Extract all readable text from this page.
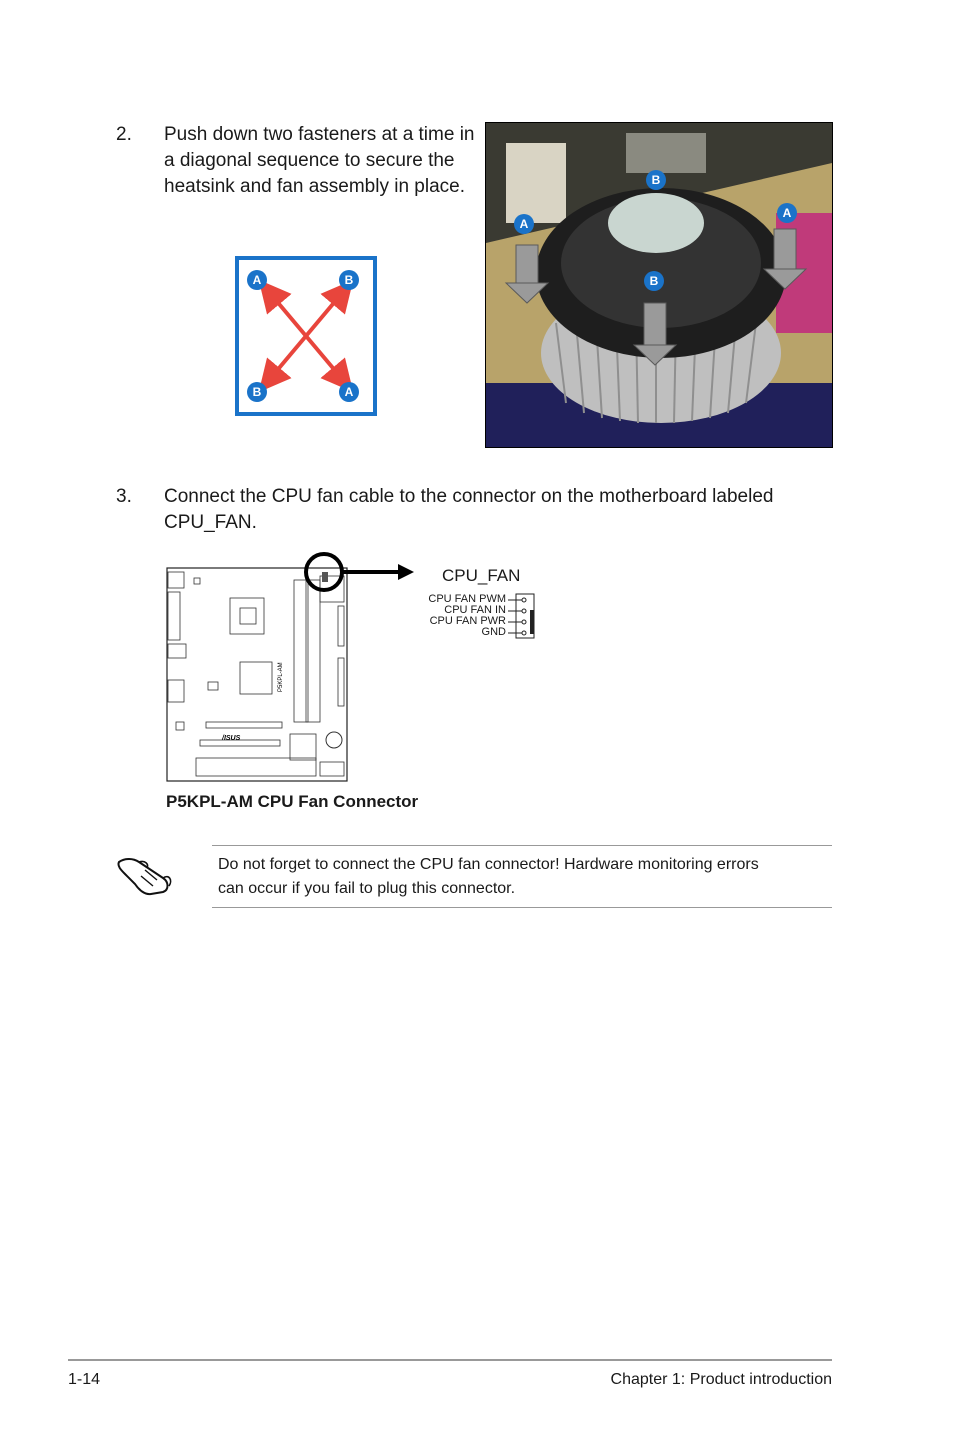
2. Push down two fasteners at a time in
a diagonal sequence to secure the
heatsink and fan assembly in place.
A	B
B	A
B
A
A
B
3. Connect the CPU fan cable to the connector on the motherboard labeled
CPU_FAN.
P5KPL-AM
/ISUS
CPU_FAN
CPU FAN PWM
CPU FAN IN
CPU FAN PWR
GND
P5KPL-AM CPU Fan Connector
Do not forget to connect the CPU fan connector! Hardware monitoring errors
can occur if you fail to plug this connector.
1-14	Chapter 1: Product introduction
